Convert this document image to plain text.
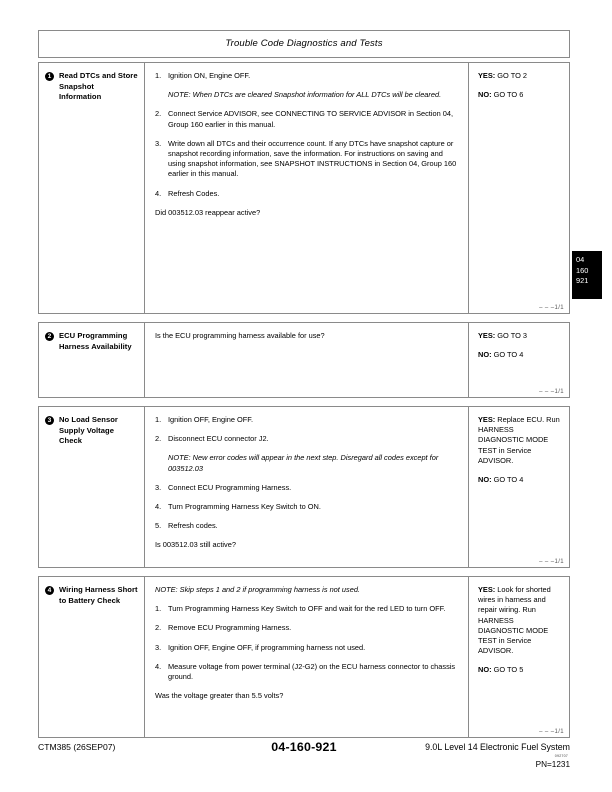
Trouble Code Diagnostics and Tests
1	Read DTCs and Store Snapshot Information
1. Ignition ON, Engine OFF.
NOTE: When DTCs are cleared Snapshot information for ALL DTCs will be cleared.
2. Connect Service ADVISOR, see CONNECTING TO SERVICE ADVISOR in Section 04, Group 160 earlier in this manual.
3. Write down all DTCs and their occurrence count. If any DTCs have snapshot capture or snapshot recording information, save the information. For instructions on saving and using snapshot information, see SNAPSHOT INSTRUCTIONS in Section 04, Group 160 earlier in this manual.
4. Refresh Codes.
Did 003512.03 reappear active?
YES: GO TO 2
NO: GO TO 6
– – –1/1
2	ECU Programming Harness Availability
Is the ECU programming harness available for use?	YES: GO TO 3
NO: GO TO 4
– – –1/1
3	No Load Sensor Supply Voltage Check
1. Ignition OFF, Engine OFF.
2. Disconnect ECU connector J2.
NOTE: New error codes will appear in the next step. Disregard all codes except for 003512.03
3. Connect ECU Programming Harness.
4. Turn Programming Harness Key Switch to ON.
5. Refresh codes.
Is 003512.03 still active?
YES: Replace ECU. Run HARNESS DIAGNOSTIC MODE TEST in Service ADVISOR.
NO: GO TO 4
– – –1/1
4	Wiring Harness Short to Battery Check
NOTE: Skip steps 1 and 2 if programming harness is not used.
1. Turn Programming Harness Key Switch to OFF and wait for the red LED to turn OFF.
2. Remove ECU Programming Harness.
3. Ignition OFF, Engine OFF, if programming harness not used.
4. Measure voltage from power terminal (J2-G2) on the ECU harness connector to chassis ground.
Was the voltage greater than 5.5 volts?
YES: Look for shorted wires in harness and repair wiring. Run HARNESS DIAGNOSTIC MODE TEST in Service ADVISOR.
NO: GO TO 5
– – –1/1
04
160
921
CTM385 (26SEP07)	04-160-921	9.0L Level 14 Electronic Fuel System
092707
PN=1231
